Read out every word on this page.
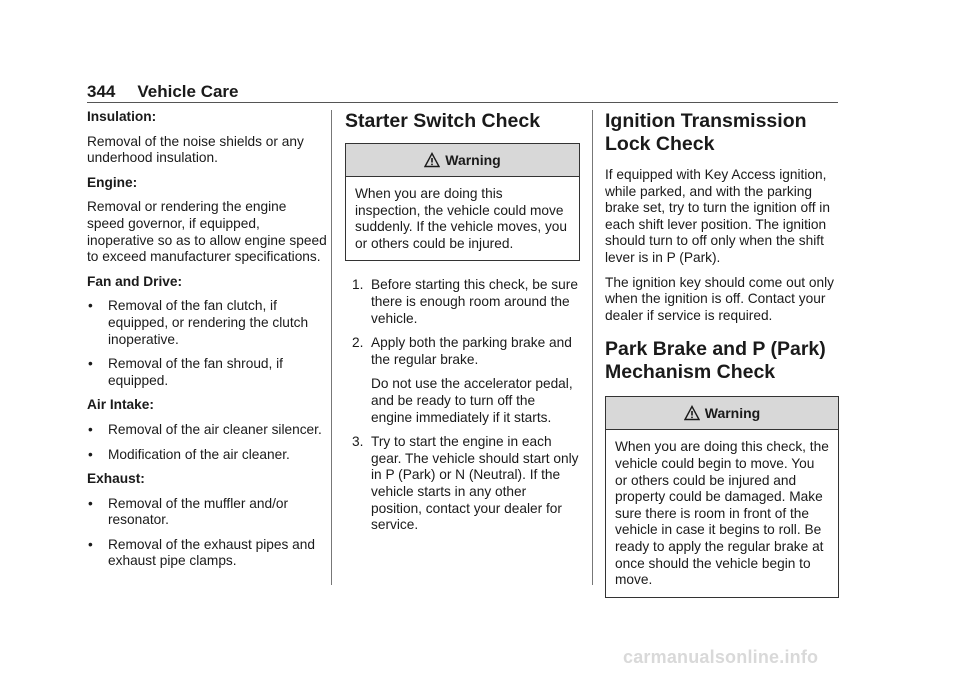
344 Vehicle Care

Insulation:

Removal of the noise shields or any underhood insulation.

Engine:

Removal or rendering the engine speed governor, if equipped, inoperative so as to allow engine speed to exceed manufacturer specifications.

Fan and Drive:

• Removal of the fan clutch, if equipped, or rendering the clutch inoperative.
• Removal of the fan shroud, if equipped.

Air Intake:

• Removal of the air cleaner silencer.
• Modification of the air cleaner.

Exhaust:

• Removal of the muffler and/or resonator.
• Removal of the exhaust pipes and exhaust pipe clamps.
Starter Switch Check
Warning
When you are doing this inspection, the vehicle could move suddenly. If the vehicle moves, you or others could be injured.
1. Before starting this check, be sure there is enough room around the vehicle.
2. Apply both the parking brake and the regular brake.
Do not use the accelerator pedal, and be ready to turn off the engine immediately if it starts.
3. Try to start the engine in each gear. The vehicle should start only in P (Park) or N (Neutral). If the vehicle starts in any other position, contact your dealer for service.
Ignition Transmission Lock Check

If equipped with Key Access ignition, while parked, and with the parking brake set, try to turn the ignition off in each shift lever position. The ignition should turn to off only when the shift lever is in P (Park).

The ignition key should come out only when the ignition is off. Contact your dealer if service is required.

Park Brake and P (Park) Mechanism Check
Warning
When you are doing this check, the vehicle could begin to move. You or others could be injured and property could be damaged. Make sure there is room in front of the vehicle in case it begins to roll. Be ready to apply the regular brake at once should the vehicle begin to move.
carmanualsonline.info
